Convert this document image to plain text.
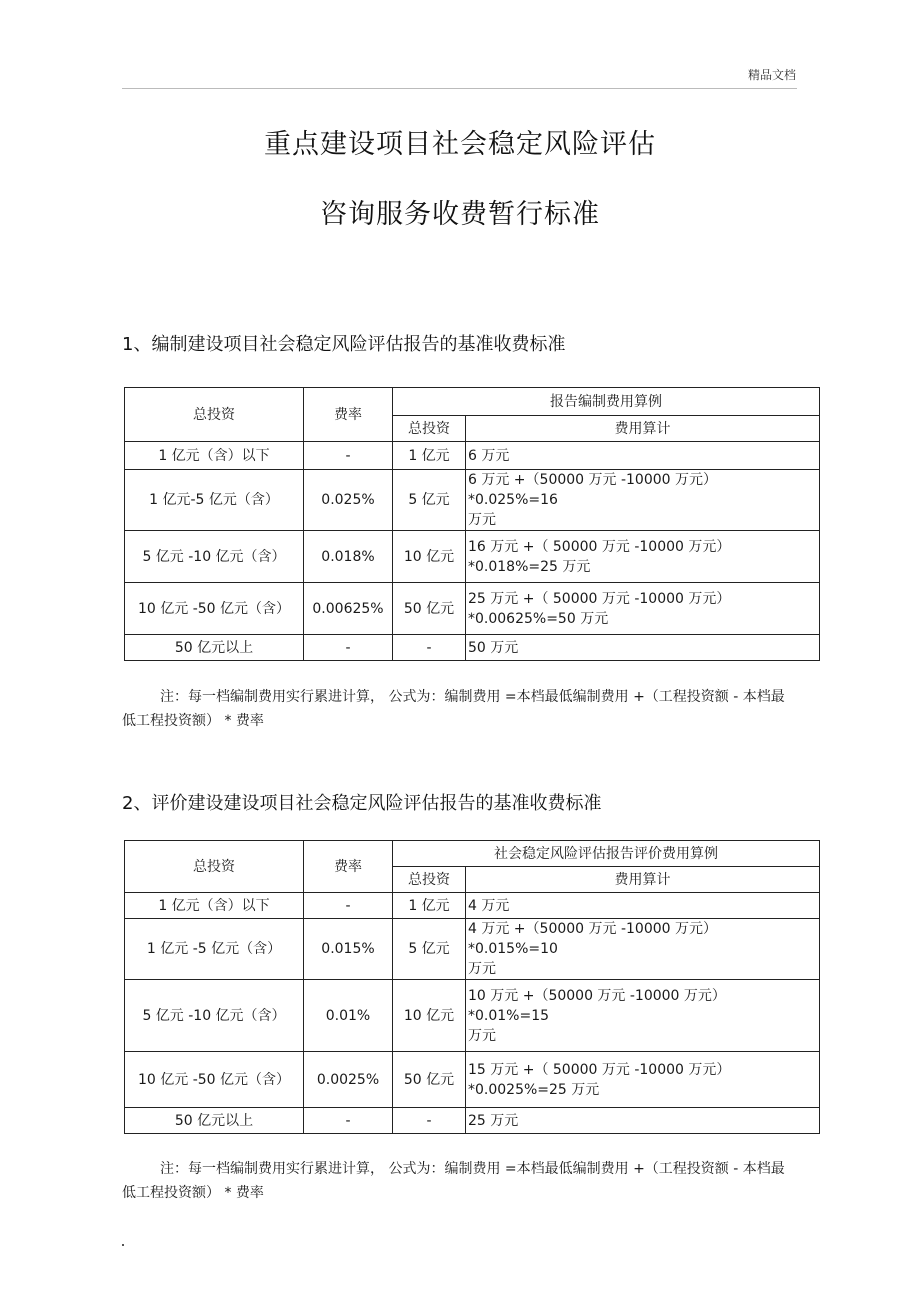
精品文档
重点建设项目社会稳定风险评估
咨询服务收费暂行标准
1、编制建设项目社会稳定风险评估报告的基准收费标准
总投资	费率	报告编制费用算例	
		总投资	费用算计
1 亿元（含）以下	-	1 亿元	6 万元

1 亿元-5 亿元（含）	0.025%	5 亿元	6 万元 +（50000 万元 -10000 万元）
*0.025%=16
万元

5 亿元 -10 亿元（含）	0.018%	10 亿元	16 万元 +（ 50000 万元 -10000 万元）
*0.018%=25 万元

10 亿元 -50 亿元（含）	0.00625%	50 亿元	25 万元 +（ 50000 万元 -10000 万元）
*0.00625%=50 万元

50 亿元以上	-	-	50 万元
注：每一档编制费用实行累进计算， 公式为：编制费用 =本档最低编制费用 +（工程投资额 - 本档最低工程投资额） * 费率
2、评价建设建设项目社会稳定风险评估报告的基准收费标准
总投资	费率	社会稳定风险评估报告评价费用算例	
		总投资	费用算计
1 亿元（含）以下	-	1 亿元	4 万元

1 亿元 -5 亿元（含）	0.015%	5 亿元	4 万元 +（50000 万元 -10000 万元）
*0.015%=10
万元

5 亿元 -10 亿元（含）	0.01%	10 亿元	10 万元 +（50000 万元 -10000 万元）
*0.01%=15
万元

10 亿元 -50 亿元（含）	0.0025%	50 亿元	15 万元 +（ 50000 万元 -10000 万元）
*0.0025%=25 万元

50 亿元以上	-	-	25 万元
注：每一档编制费用实行累进计算， 公式为：编制费用 =本档最低编制费用 +（工程投资额 - 本档最低工程投资额） * 费率
